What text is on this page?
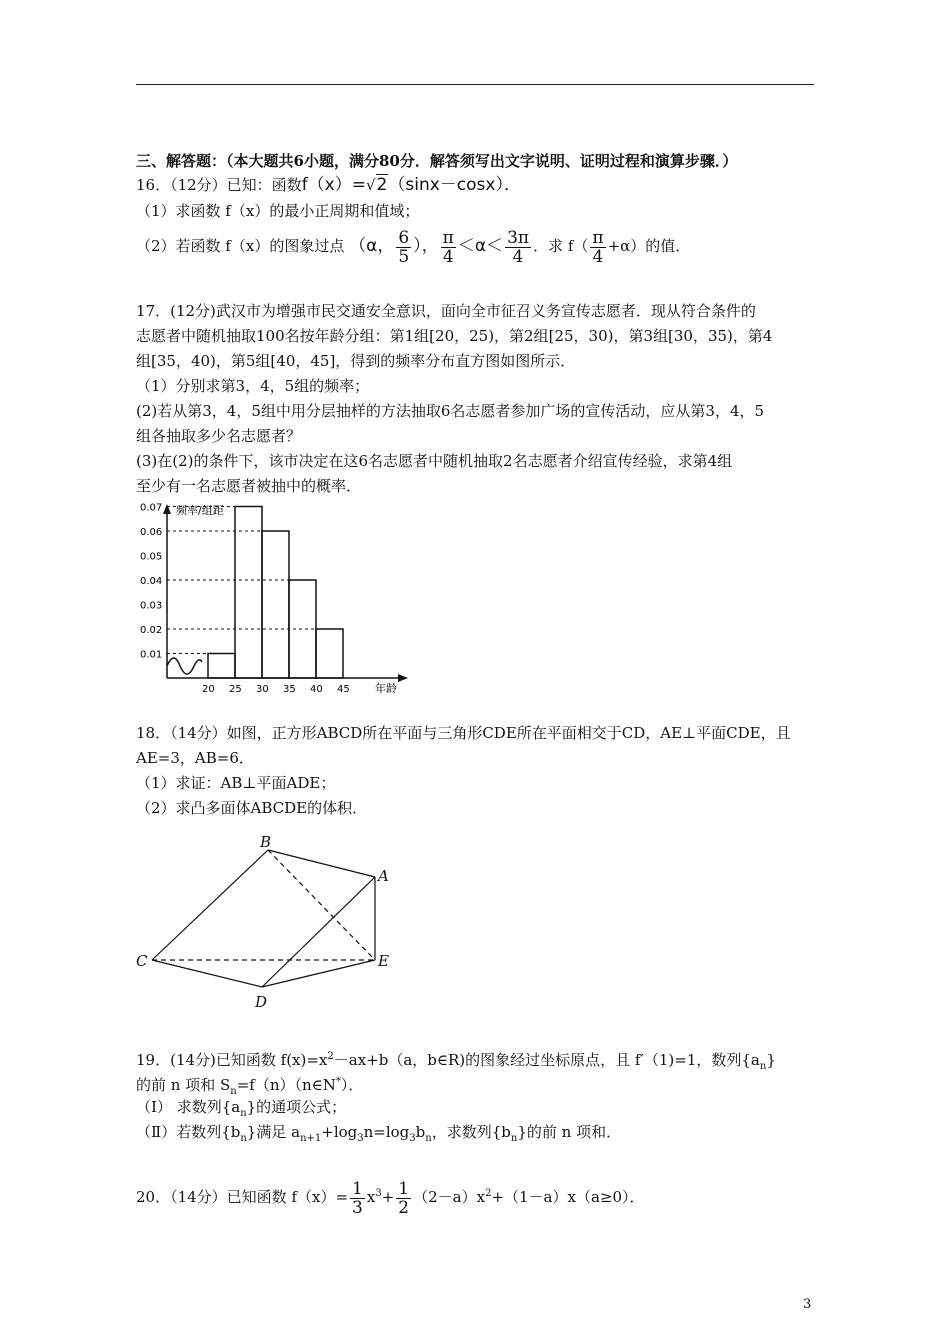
三、解答题：（本大题共6小题，满分80分．解答须写出文字说明、证明过程和演算步骤．）
16．（12分）已知：函数f（x）=√2（sinx－cosx）．
（1）求函数 f（x）的最小正周期和值域；
（2）若函数 f（x）的图象过点 （α， $\frac{6}{5}$ ）， $\frac{\pi}{4} <\alpha< \frac{3\pi}{4}$ ．求 $f( \frac{\pi}{4} +\alpha)$的值．
17．(12分)武汉市为增强市民交通安全意识，面向全市征召义务宣传志愿者．现从符合条件的
志愿者中随机抽取100名按年龄分组：第1组[20，25)，第2组[25，30)，第3组[30，35)，第4
组[35，40)，第5组[40，45]，得到的频率分布直方图如图所示．
（1）分别求第3，4，5组的频率；
(2)若从第3，4，5组中用分层抽样的方法抽取6名志愿者参加广场的宣传活动，应从第3，4，5
组各抽取多少名志愿者？
(3)在(2)的条件下，该市决定在这6名志愿者中随机抽取2名志愿者介绍宣传经验，求第4组
至少有一名志愿者被抽中的概率．
频率/组距
年龄
0.01
0.02
0.03
0.04
0.05
0.06
0.07
20 25 30 35 40 45
18．（14分）如图，正方形ABCD所在平面与三角形CDE所在平面相交于CD，AE⊥平面CDE，且
AE=3，AB=6．
（1）求证：AB⊥平面ADE；
（2）求凸多面体ABCDE的体积．
B
A
C	E
D
19．(14分)已知函数 $f(x)=x^2-ax+b(a$，b∈R)的图象经过坐标原点，且 f′（1)=1，数列$\{a_n\}$
的前 n 项和 $S_n=f(n)(n\in N^*)$．
（Ⅰ） 求数列$\{a_n\}$的通项公式；
（Ⅱ）若数列$\{b_n\}$满足 $a_{n+1}+\log_3n=\log_3b_n$，求数列$\{b_n\}$的前 n 项和．
20．（14分）已知函数 $f(x)= \frac{1}{3} x^3+ \frac{1}{2} (2-a)x^2+(1-a)x(a\ge 0)$．
3
